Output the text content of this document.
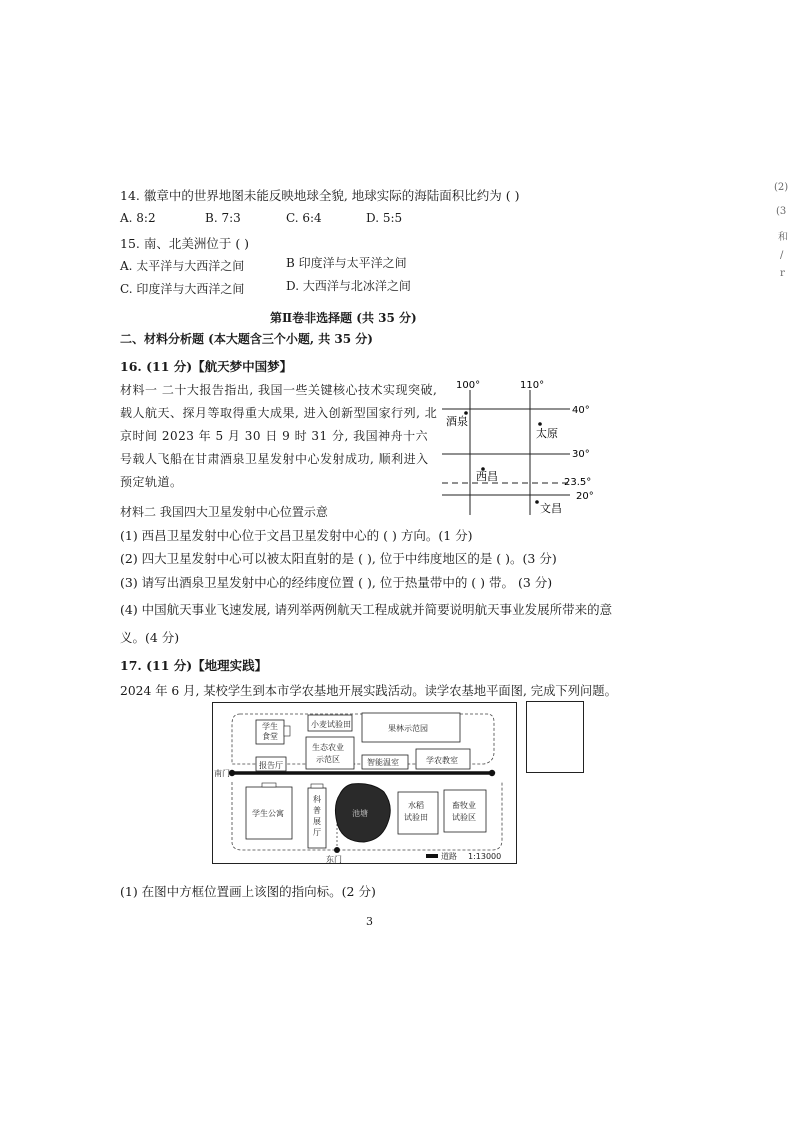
(2)
(3
和
/
r
14. 徽章中的世界地图未能反映地球全貌, 地球实际的海陆面积比约为 ( )
A. 8:2	B. 7:3	C. 6:4	D. 5:5
15. 南、北美洲位于 ( )
A. 太平洋与大西洋之间	B 印度洋与太平洋之间
C. 印度洋与大西洋之间	D. 大西洋与北冰洋之间
第Ⅱ卷非选择题 (共 35 分)
二、材料分析题 (本大题含三个小题, 共 35 分)
16. (11 分)【航天梦中国梦】
材料一 二十大报告指出, 我国一些关键核心技术实现突破, 载人航天、探月等取得重大成果, 进入创新型国家行列, 北京时间 2023 年 5 月 30 日 9 时 31 分, 我国神舟十六号载人飞船在甘肃酒泉卫星发射中心发射成功, 顺利进入预定轨道。
材料二 我国四大卫星发射中心位置示意
100°	110°
40°
30°
23.5°
20°
酒泉
太原
西昌
文昌
(1) 西昌卫星发射中心位于文昌卫星发射中心的 ( ) 方向。(1 分)
(2) 四大卫星发射中心可以被太阳直射的是 ( ), 位于中纬度地区的是 ( )。(3 分)
(3) 请写出酒泉卫星发射中心的经纬度位置 ( ), 位于热量带中的 ( ) 带。 (3 分)
(4) 中国航天事业飞速发展, 请列举两例航天工程成就并简要说明航天事业发展所带来的意
义。(4 分)
17. (11 分)【地理实践】
2024 年 6 月, 某校学生到本市学农基地开展实践活动。读学农基地平面图, 完成下列问题。
学生
食堂
小麦试验田	果林示范园
生态农业
示范区	智能温室	学农教室
报告厅
学生公寓
科
普
展
厅
池塘
水稻
试验田
畜牧业
试验区
南门
东门	道路 1:13000
(1) 在图中方框位置画上该图的指向标。(2 分)
3
